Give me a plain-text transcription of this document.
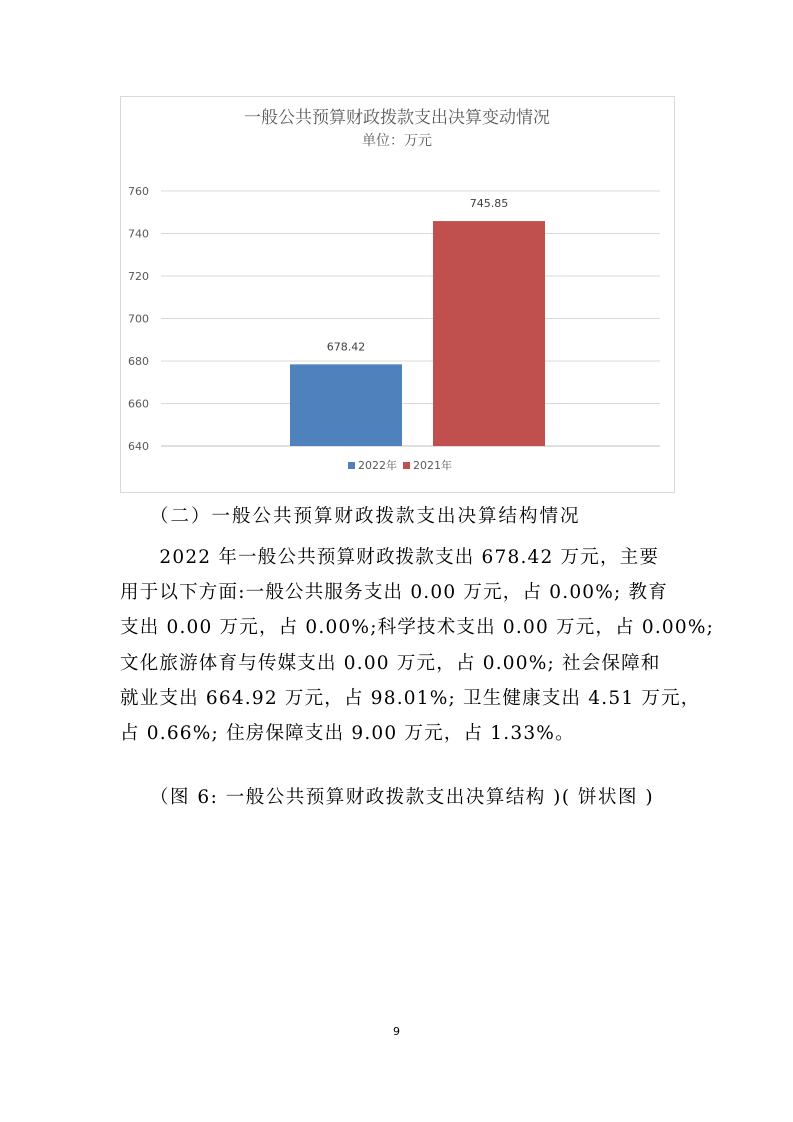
一般公共预算财政拨款支出决算变动情况
单位：万元
640
660
680
700
720
740
760
678.42
745.85
2022年 2021年
（二）一般公共预算财政拨款支出决算结构情况
　　2022 年一般公共预算财政拨款支出 678.42 万元，主要
用于以下方面:一般公共服务支出 0.00 万元，占 0.00%; 教育
支出 0.00 万元，占 0.00%;科学技术支出 0.00 万元，占 0.00%;
文化旅游体育与传媒支出 0.00 万元，占 0.00%; 社会保障和
就业支出 664.92 万元，占 98.01%; 卫生健康支出 4.51 万元，
占 0.66%; 住房保障支出 9.00 万元，占 1.33%。
（图 6: 一般公共预算财政拨款支出决算结构 )( 饼状图 )
9
